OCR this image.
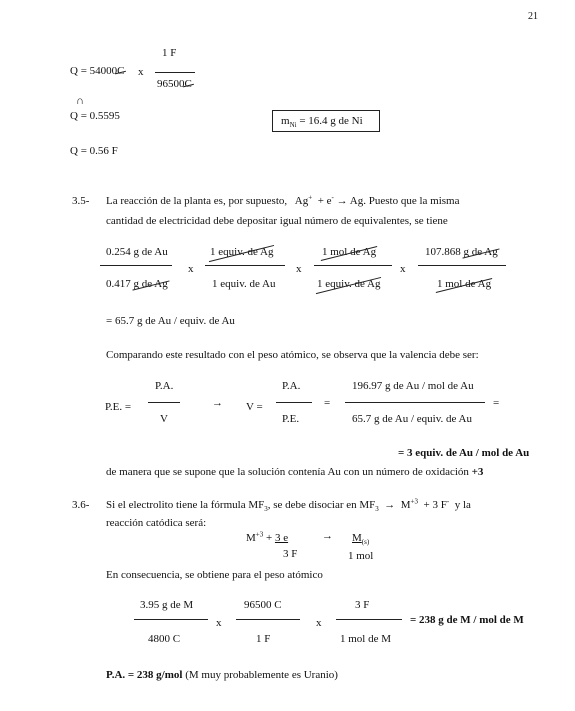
21
1 F
Q = 54000C x
96500C
∩
Q = 0.5595	$m_{Ni} = 16.4$ g de Ni
Q = 0.56 F
3.5- La reacción de la planta es, por supuesto, Ag+ + e- → Ag. Puesto que la misma
cantidad de electricidad debe depositar igual número de equivalentes, se tiene
0.254 g de Au
0.417 g de Ag
x
1 equiv. de Ag
1 equiv. de Au
x
1 mol de Ag
1 equiv. de Ag
x
107.868 g de Ag
1 mol de Ag
= 65.7 g de Au / equiv. de Au
Comparando este resultado con el peso atómico, se observa que la valencia debe ser:
P.E. =
P.A.
V
→ V =
P.A.
P.E.
=
196.97 g de Au / mol de Au
65.7 g de Au / equiv. de Au
=
= 3 equiv. de Au / mol de Au
de manera que se supone que la solución contenía Au con un número de oxidación +3
3.6- Si el electrolito tiene la fórmula $MF_3$, se debe disociar en $MF_3 \to M^{+3} + 3$ F- y la
reacción catódica será:
$M^{+3} + 3$ e
3 F
→ $M_{(s)}$
1 mol
En consecuencia, se obtiene para el peso atómico
3.95 g de M
4800 C
x
96500 C
1 F
x
3 F
1 mol de M
= 238 g de M / mol de M
P.A. = 238 g/mol (M muy probablemente es Uranio)
